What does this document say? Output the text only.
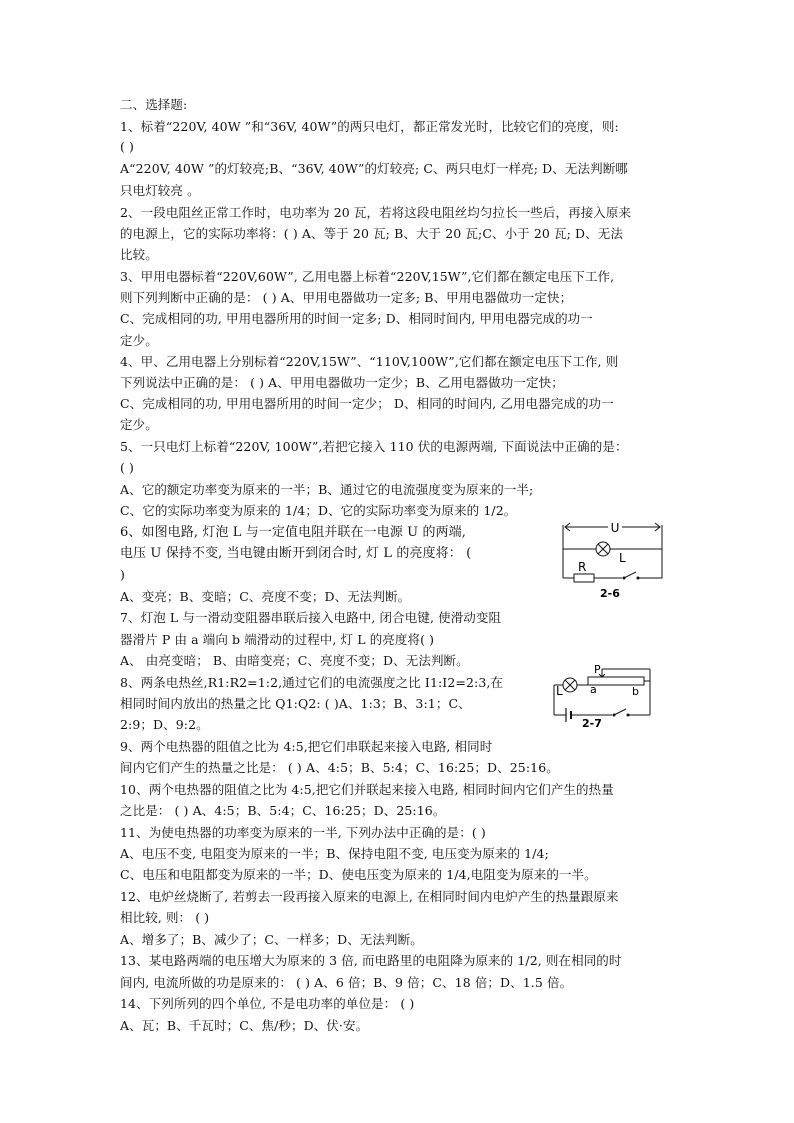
二、选择题:
1、标着“220V, 40W ”和“36V, 40W”的两只电灯，都正常发光时，比较它们的亮度，则:
( )
A“220V, 40W ”的灯较亮;B、“36V, 40W”的灯较亮; C、两只电灯一样亮; D、无法判断哪
只电灯较亮 。
2、一段电阻丝正常工作时，电功率为 20 瓦，若将这段电阻丝均匀拉长一些后，再接入原来
的电源上，它的实际功率将：( ) A、等于 20 瓦; B、大于 20 瓦;C、小于 20 瓦; D、无法
比较。
3、甲用电器标着“220V,60W”, 乙用电器上标着“220V,15W”,它们都在额定电压下工作,
则下列判断中正确的是： ( ) A、甲用电器做功一定多; B、甲用电器做功一定快；
C、完成相同的功, 甲用电器所用的时间一定多; D、相同时间内, 甲用电器完成的功一
定少。
4、甲、乙用电器上分别标着“220V,15W”、“110V,100W”,它们都在额定电压下工作, 则
下列说法中正确的是： ( ) A、甲用电器做功一定少；B、乙用电器做功一定快；
C、完成相同的功, 甲用电器所用的时间一定少； D、相同的时间内, 乙用电器完成的功一
定少。
5、一只电灯上标着“220V, 100W”,若把它接入 110 伏的电源两端, 下面说法中正确的是：
( )
A、它的额定功率变为原来的一半；B、通过它的电流强度变为原来的一半;
C、它的实际功率变为原来的 1/4；D、它的实际功率变为原来的 1/2。
6、如图电路, 灯泡 L 与一定值电阻并联在一电源 U 的两端,
电压 U 保持不变, 当电键由断开到闭合时, 灯 L 的亮度将： (
)
A、变亮；B、变暗；C、亮度不变；D、无法判断。
7、灯泡 L 与一滑动变阻器串联后接入电路中, 闭合电键, 使滑动变阻
器滑片 P 由 a 端向 b 端滑动的过程中, 灯 L 的亮度将( )
A、 由亮变暗； B、由暗变亮；C、亮度不变；D、无法判断。
8、两条电热丝,R1:R2=1:2,通过它们的电流强度之比 I1:I2=2:3,在
相同时间内放出的热量之比 Q1:Q2: ( )A、1:3；B、3:1；C、
2:9；D、9:2。
9、两个电热器的阻值之比为 4:5,把它们串联起来接入电路, 相同时
间内它们产生的热量之比是： ( ) A、4:5；B、5:4；C、16:25；D、25:16。
10、两个电热器的阻值之比为 4:5,把它们并联起来接入电路, 相同时间内它们产生的热量
之比是： ( ) A、4:5；B、5:4；C、16:25；D、25:16。
11、为使电热器的功率变为原来的一半, 下列办法中正确的是：( )
A、电压不变, 电阻变为原来的一半；B、保持电阻不变, 电压变为原来的 1/4;
C、电压和电阻都变为原来的一半；D、使电压变为原来的 1/4,电阻变为原来的一半。
12、电炉丝烧断了, 若剪去一段再接入原来的电源上, 在相同时间内电炉产生的热量跟原来
相比较, 则： ( )
A、增多了；B、减少了；C、一样多；D、无法判断。
13、某电路两端的电压增大为原来的 3 倍, 而电路里的电阻降为原来的 1/2, 则在相同的时
间内, 电流所做的功是原来的： ( ) A、6 倍；B、9 倍；C、18 倍；D、1.5 倍。
14、下列所列的四个单位, 不是电功率的单位是： ( )
A、瓦；B、千瓦时；C、焦/秒；D、伏·安。
U
L
R
2-6
L a	b
P
2-7
